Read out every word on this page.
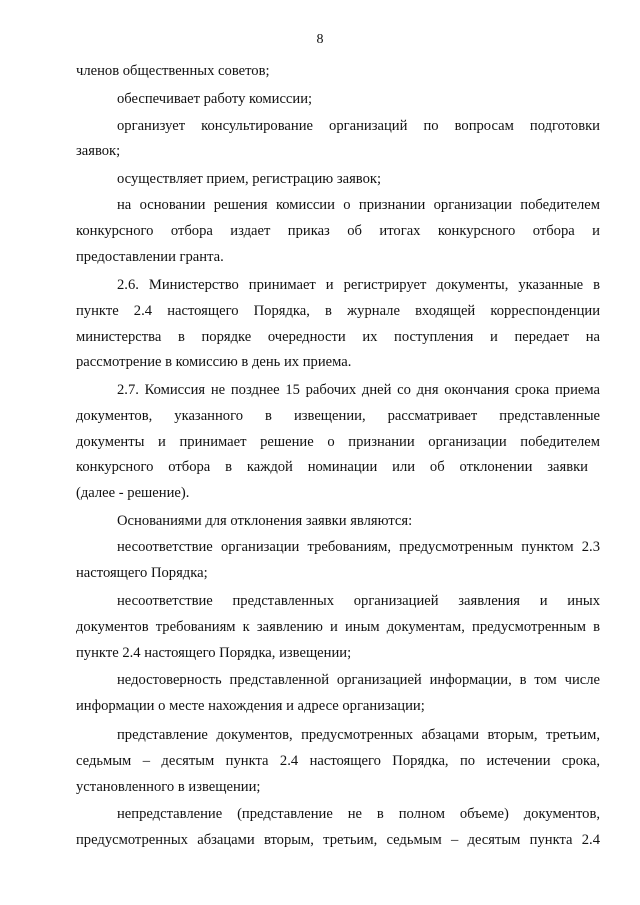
8
членов общественных советов;
обеспечивает работу комиссии;
организует консультирование организаций по вопросам подготовки
заявок;
осуществляет прием, регистрацию заявок;
на основании решения комиссии о признании организации победителем
конкурсного отбора издает приказ об итогах конкурсного отбора и
предоставлении гранта.
2.6. Министерство принимает и регистрирует документы, указанные в
пункте 2.4 настоящего Порядка, в журнале входящей корреспонденции
министерства в порядке очередности их поступления и передает на
рассмотрение в комиссию в день их приема.
2.7. Комиссия не позднее 15 рабочих дней со дня окончания срока приема
документов, указанного в извещении, рассматривает представленные
документы и принимает решение о признании организации победителем
конкурсного отбора в каждой номинации или об отклонении заявки
(далее - решение).
Основаниями для отклонения заявки являются:
несоответствие организации требованиям, предусмотренным пунктом 2.3
настоящего Порядка;
несоответствие представленных организацией заявления и иных
документов требованиям к заявлению и иным документам, предусмотренным в
пункте 2.4 настоящего Порядка, извещении;
недостоверность представленной организацией информации, в том числе
информации о месте нахождения и адресе организации;
представление документов, предусмотренных абзацами вторым, третьим,
седьмым – десятым пункта 2.4 настоящего Порядка, по истечении срока,
установленного в извещении;
непредставление (представление не в полном объеме) документов,
предусмотренных абзацами вторым, третьим, седьмым – десятым пункта 2.4
